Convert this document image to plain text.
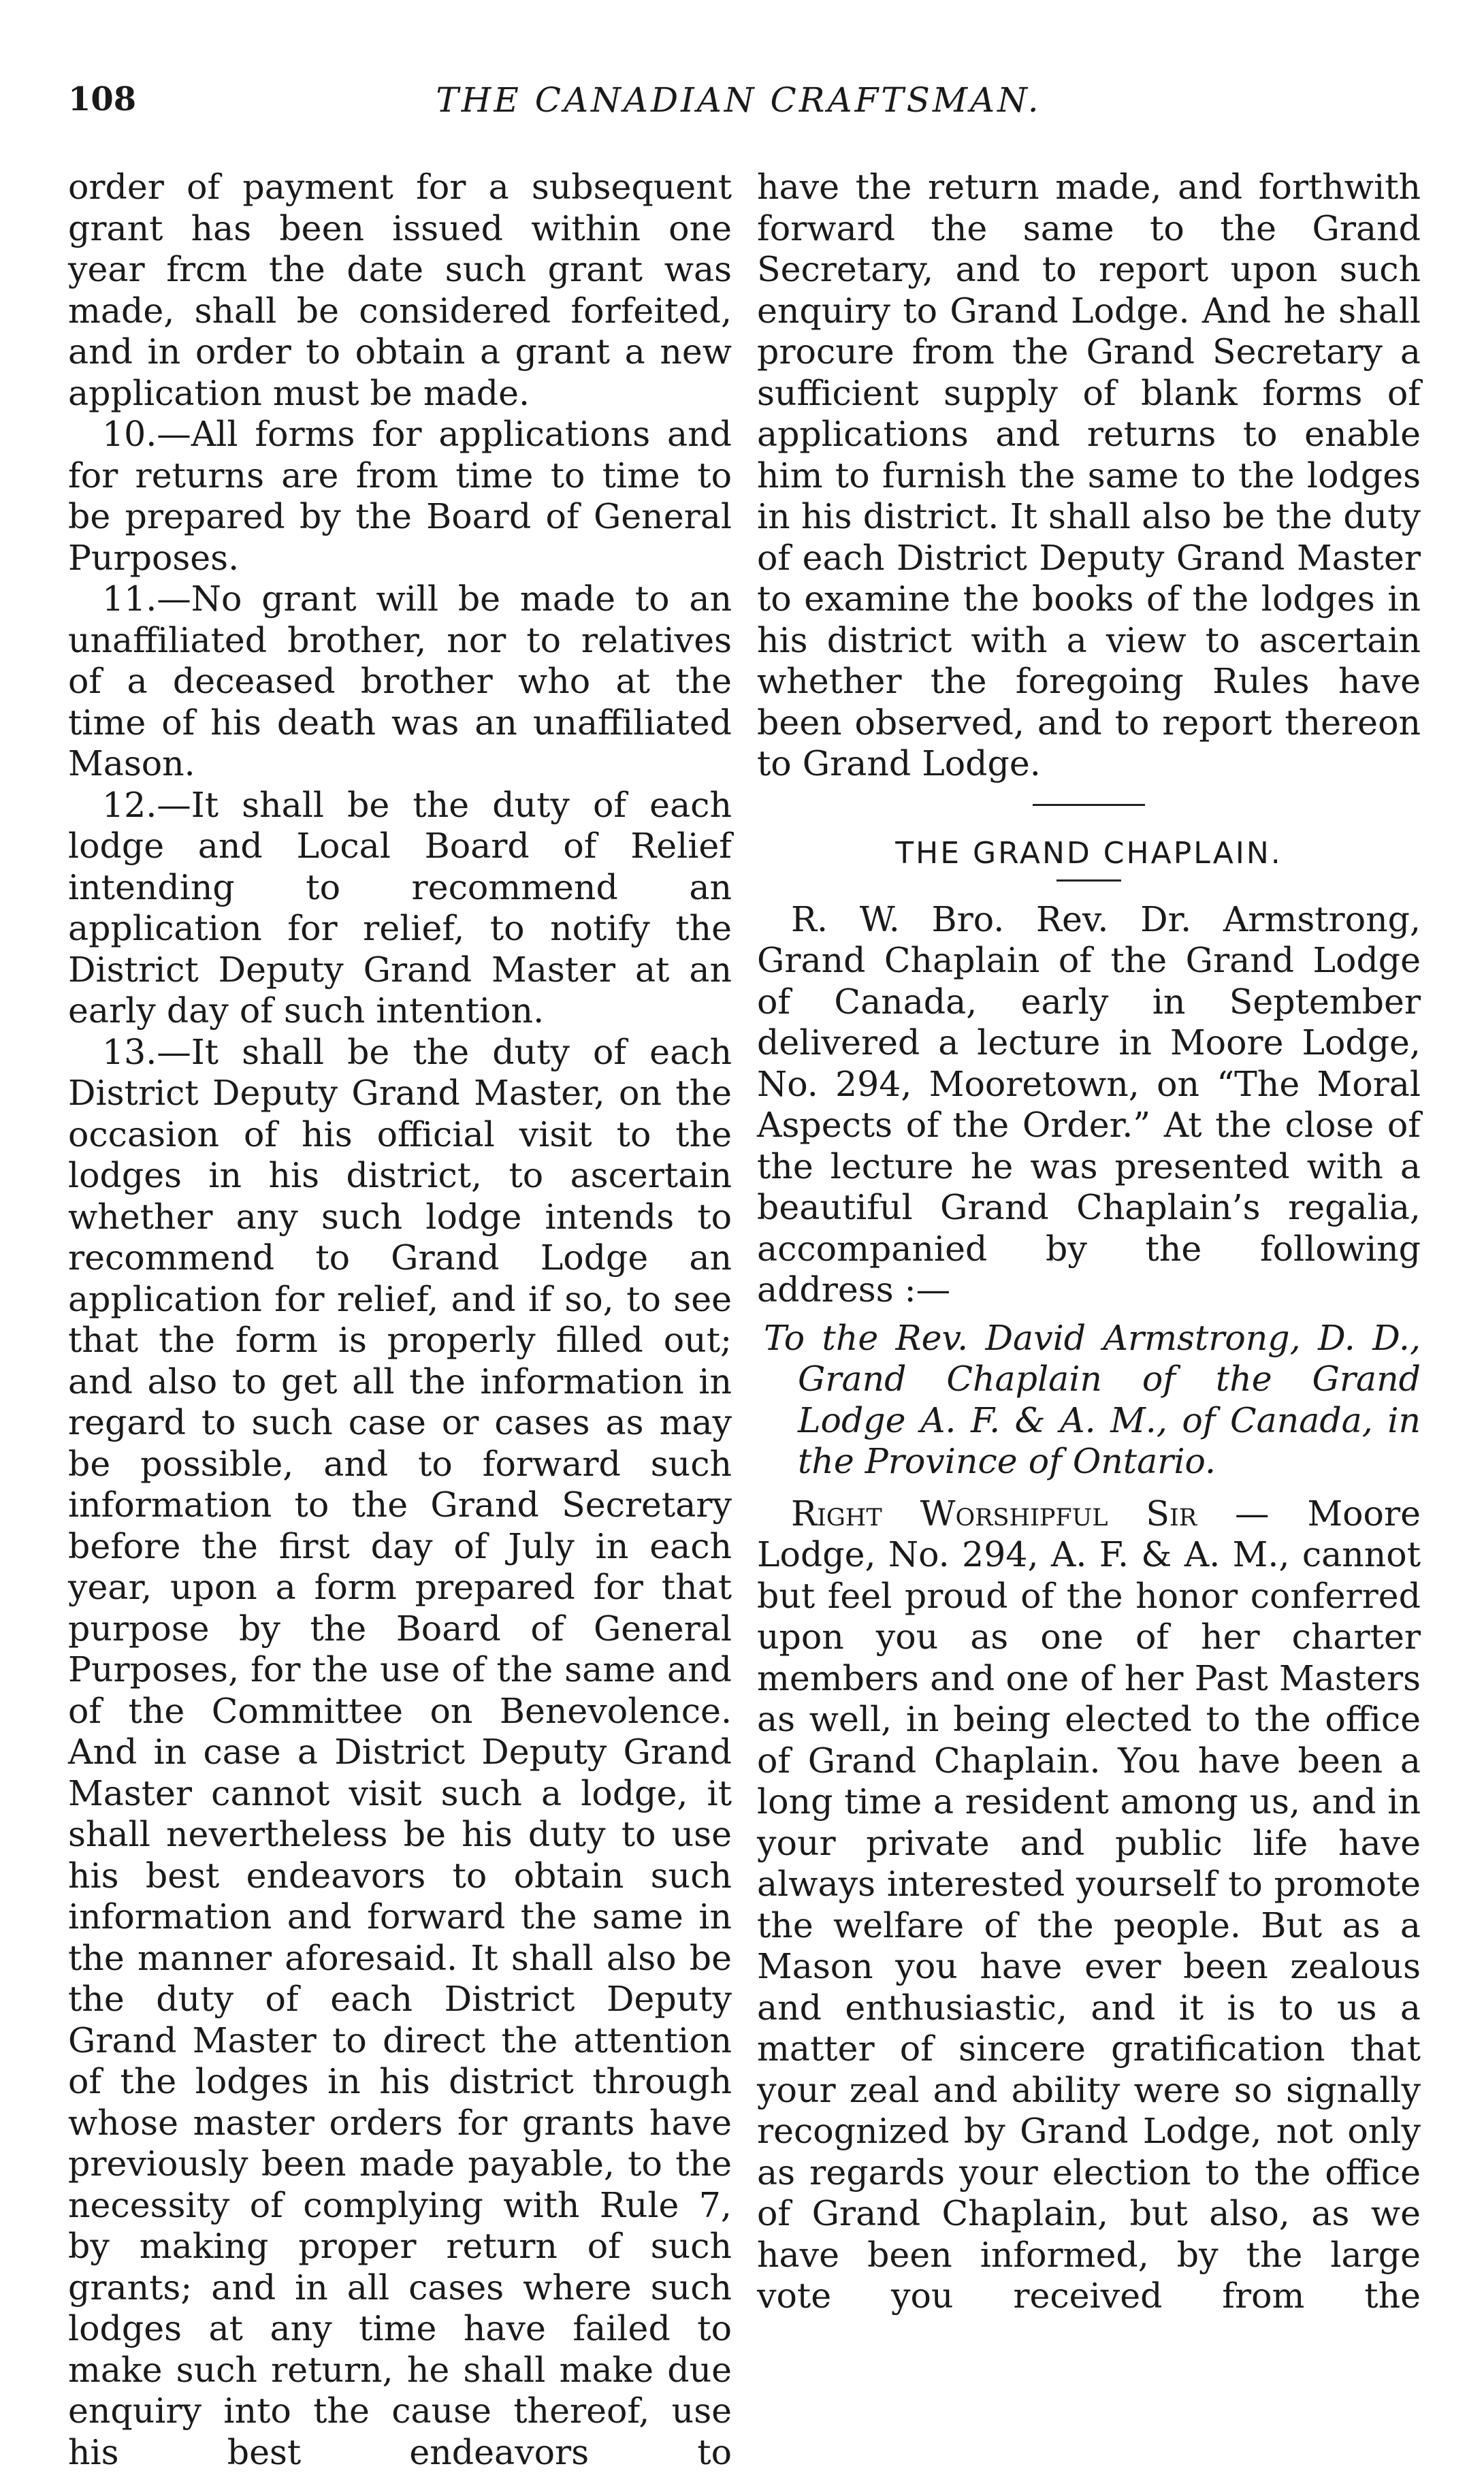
108	THE CANADIAN CRAFTSMAN.

order of payment for a subsequent grant has been issued within one year frcm the date such grant was made, shall be considered forfeited, and in order to obtain a grant a new application must be made.

10.—All forms for applications and for returns are from time to time to be prepared by the Board of General Purposes.

11.—No grant will be made to an unaffiliated brother, nor to relatives of a deceased brother who at the time of his death was an unaffiliated Mason.

12.—It shall be the duty of each lodge and Local Board of Relief intending to recommend an application for relief, to notify the District Deputy Grand Master at an early day of such intention.

13.—It shall be the duty of each District Deputy Grand Master, on the occasion of his official visit to the lodges in his district, to ascertain whether any such lodge intends to recommend to Grand Lodge an application for relief, and if so, to see that the form is properly filled out; and also to get all the information in regard to such case or cases as may be possible, and to forward such information to the Grand Secretary before the first day of July in each year, upon a form prepared for that purpose by the Board of General Purposes, for the use of the same and of the Committee on Benevolence. And in case a District Deputy Grand Master cannot visit such a lodge, it shall nevertheless be his duty to use his best endeavors to obtain such information and forward the same in the manner aforesaid. It shall also be the duty of each District Deputy Grand Master to direct the attention of the lodges in his district through whose master orders for grants have previously been made payable, to the necessity of complying with Rule 7, by making proper return of such grants; and in all cases where such lodges at any time have failed to make such return, he shall make due enquiry into the cause thereof, use his best endeavors to

have the return made, and forthwith forward the same to the Grand Secretary, and to report upon such enquiry to Grand Lodge. And he shall procure from the Grand Secretary a sufficient supply of blank forms of applications and returns to enable him to furnish the same to the lodges in his district. It shall also be the duty of each District Deputy Grand Master to examine the books of the lodges in his district with a view to ascertain whether the foregoing Rules have been observed, and to report thereon to Grand Lodge.

THE GRAND CHAPLAIN.

R. W. Bro. Rev. Dr. Armstrong, Grand Chaplain of the Grand Lodge of Canada, early in September delivered a lecture in Moore Lodge, No. 294, Mooretown, on “The Moral Aspects of the Order.” At the close of the lecture he was presented with a beautiful Grand Chaplain’s regalia, accompanied by the following address :—

To the Rev. David Armstrong, D. D., Grand Chaplain of the Grand Lodge A. F. & A. M., of Canada, in the Province of Ontario.

Right Worshipful Sir — Moore Lodge, No. 294, A. F. & A. M., cannot but feel proud of the honor conferred upon you as one of her charter members and one of her Past Masters as well, in being elected to the office of Grand Chaplain. You have been a long time a resident among us, and in your private and public life have always interested yourself to promote the welfare of the people. But as a Mason you have ever been zealous and enthusiastic, and it is to us a matter of sincere gratification that your zeal and ability were so signally recognized by Grand Lodge, not only as regards your election to the office of Grand Chaplain, but also, as we have been informed, by the large vote you received from the
